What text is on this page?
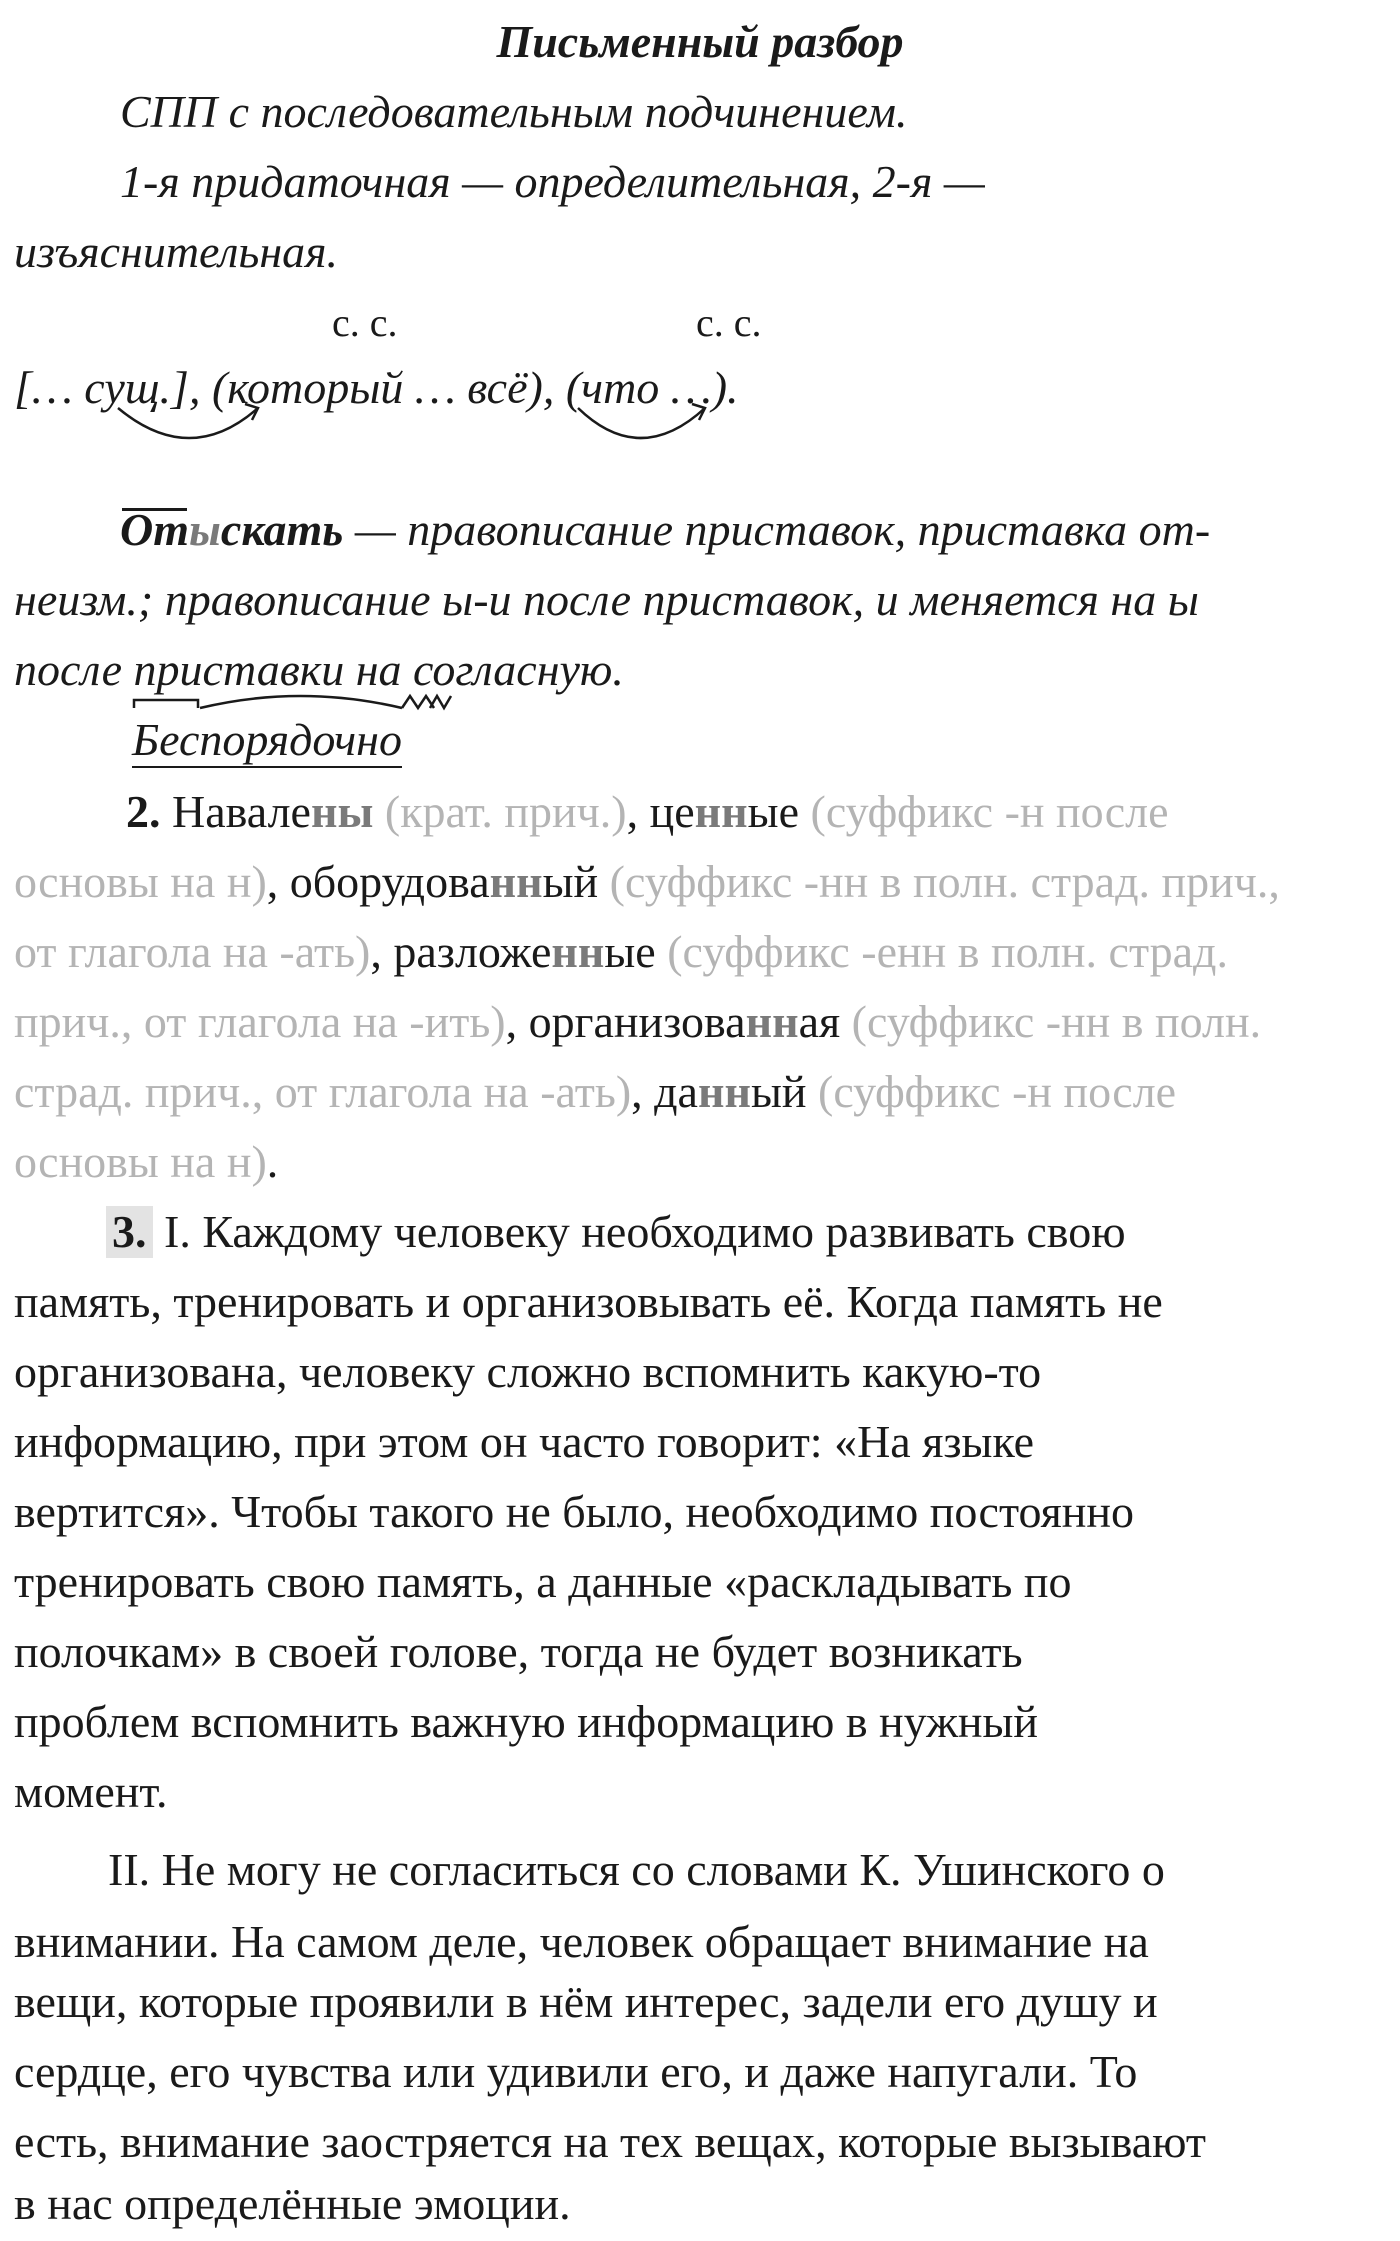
Письменный разбор
СПП с последовательным подчинением.
1-я придаточная — определительная, 2-я —
изъяснительная.
с. с.	с. с.
[… сущ.], (который … всё), (что …).
Отыскать — правописание приставок, приставка от-
неизм.; правописание ы-и после приставок, и меняется на ы
после приставки на согласную.
Беспорядочно
2. Навалены (крат. прич.), ценные (суффикс -н после
основы на н), оборудованный (суффикс -нн в полн. страд. прич.,
от глагола на -ать), разложенные (суффикс -енн в полн. страд.
прич., от глагола на -ить), организованная (суффикс -нн в полн.
страд. прич., от глагола на -ать), данный (суффикс -н после
основы на н).
3. I. Каждому человеку необходимо развивать свою
память, тренировать и организовывать её. Когда память не
организована, человеку сложно вспомнить какую-то
информацию, при этом он часто говорит: «На языке
вертится». Чтобы такого не было, необходимо постоянно
тренировать свою память, а данные «раскладывать по
полочкам» в своей голове, тогда не будет возникать
проблем вспомнить важную информацию в нужный
момент.
II. Не могу не согласиться со словами К. Ушинского о
внимании. На самом деле, человек обращает внимание на
вещи, которые проявили в нём интерес, задели его душу и
сердце, его чувства или удивили его, и даже напугали. То
есть, внимание заостряется на тех вещах, которые вызывают
в нас определённые эмоции.
